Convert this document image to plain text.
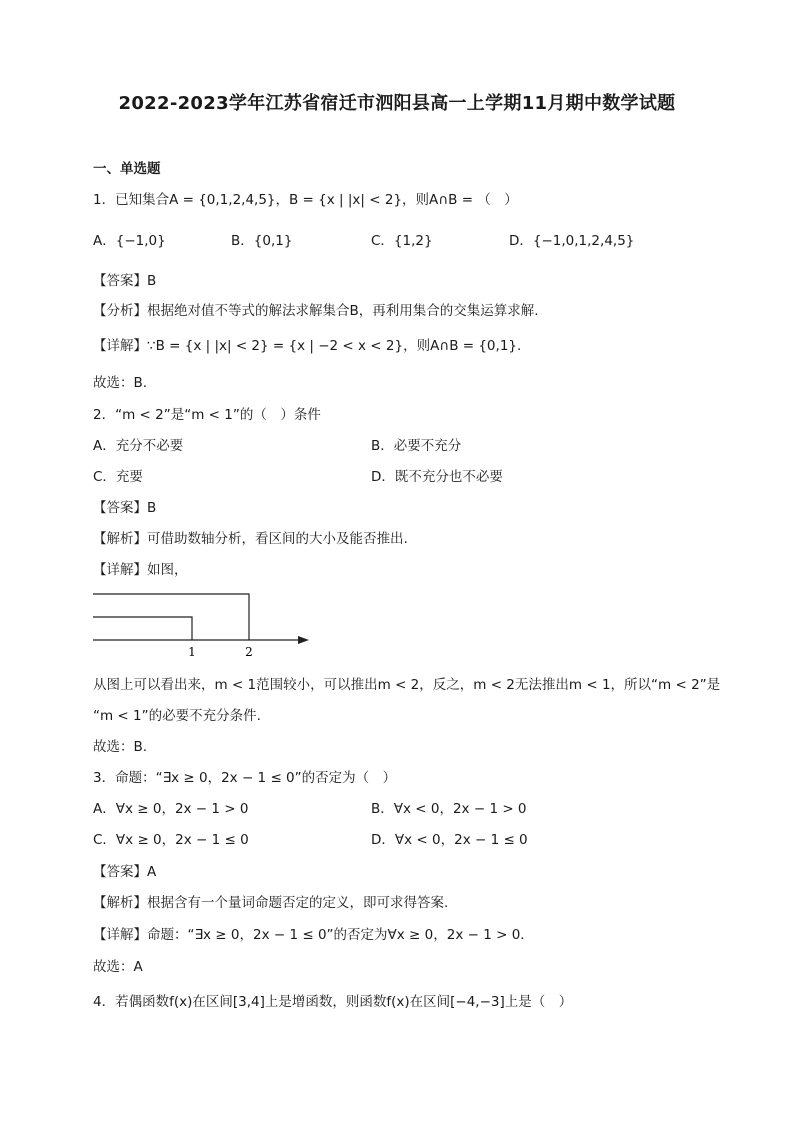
2022-2023学年江苏省宿迁市泗阳县高一上学期11月期中数学试题
一、单选题
1．已知集合A = {0,1,2,4,5}，B = {x | |x| < 2}，则A∩B = （　）
A．{−1,0}	B．{0,1}	C．{1,2}	D．{−1,0,1,2,4,5}
【答案】B
【分析】根据绝对值不等式的解法求解集合B，再利用集合的交集运算求解.
【详解】∵B = {x | |x| < 2} = {x | −2 < x < 2}，则A∩B = {0,1}.
故选：B.
2．“m < 2”是“m < 1”的（　）条件
A．充分不必要	B．必要不充分
C．充要	D．既不充分也不必要
【答案】B
【解析】可借助数轴分析，看区间的大小及能否推出.
【详解】如图，
1	2
从图上可以看出来，m < 1范围较小，可以推出m < 2，反之，m < 2无法推出m < 1，所以“m < 2”是
“m < 1”的必要不充分条件.
故选：B.
3．命题：“∃x ≥ 0，2x − 1 ≤ 0”的否定为（　）
A．∀x ≥ 0，2x − 1 > 0	B．∀x < 0，2x − 1 > 0
C．∀x ≥ 0，2x − 1 ≤ 0	D．∀x < 0，2x − 1 ≤ 0
【答案】A
【解析】根据含有一个量词命题否定的定义，即可求得答案.
【详解】命题：“∃x ≥ 0，2x − 1 ≤ 0”的否定为∀x ≥ 0，2x − 1 > 0.
故选：A
4．若偶函数f(x)在区间[3,4]上是增函数，则函数f(x)在区间[−4,−3]上是（　）
